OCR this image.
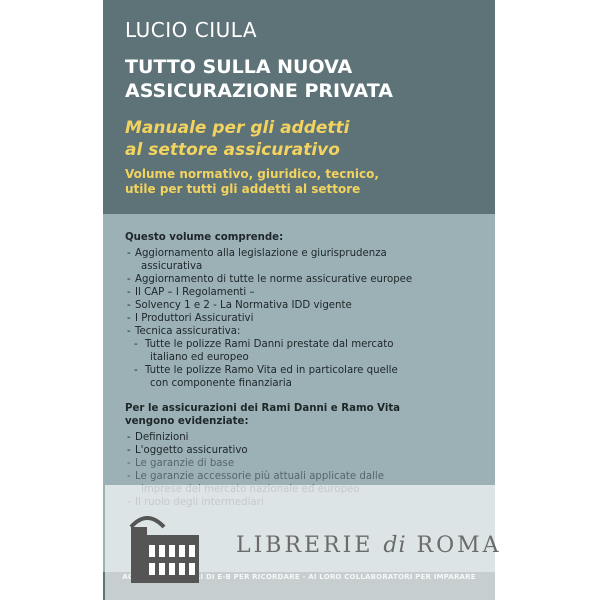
LUCIO CIULA
TUTTO SULLA NUOVA
ASSICURAZIONE PRIVATA
Manuale per gli addetti
al settore assicurativo
Volume normativo, giuridico, tecnico,
utile per tutti gli addetti al settore
Questo volume comprende:
- Aggiornamento alla legislazione e giurisprudenza
assicurativa
- Aggiornamento di tutte le norme assicurative europee
- Il CAP – I Regolamenti –
- Solvency 1 e 2 - La Normativa IDD vigente
- I Produttori Assicurativi
- Tecnica assicurativa:
- Tutte le polizze Rami Danni prestate dal mercato
italiano ed europeo
- Tutte le polizze Ramo Vita ed in particolare quelle
con componente finanziaria
Per le assicurazioni dei Rami Danni e Ramo Vita
vengono evidenziate:
- Definizioni
- L'oggetto assicurativo
- Le garanzie di base
- Le garanzie accessorie più attuali applicate dalle
-
LIBRERIE di ROMA
